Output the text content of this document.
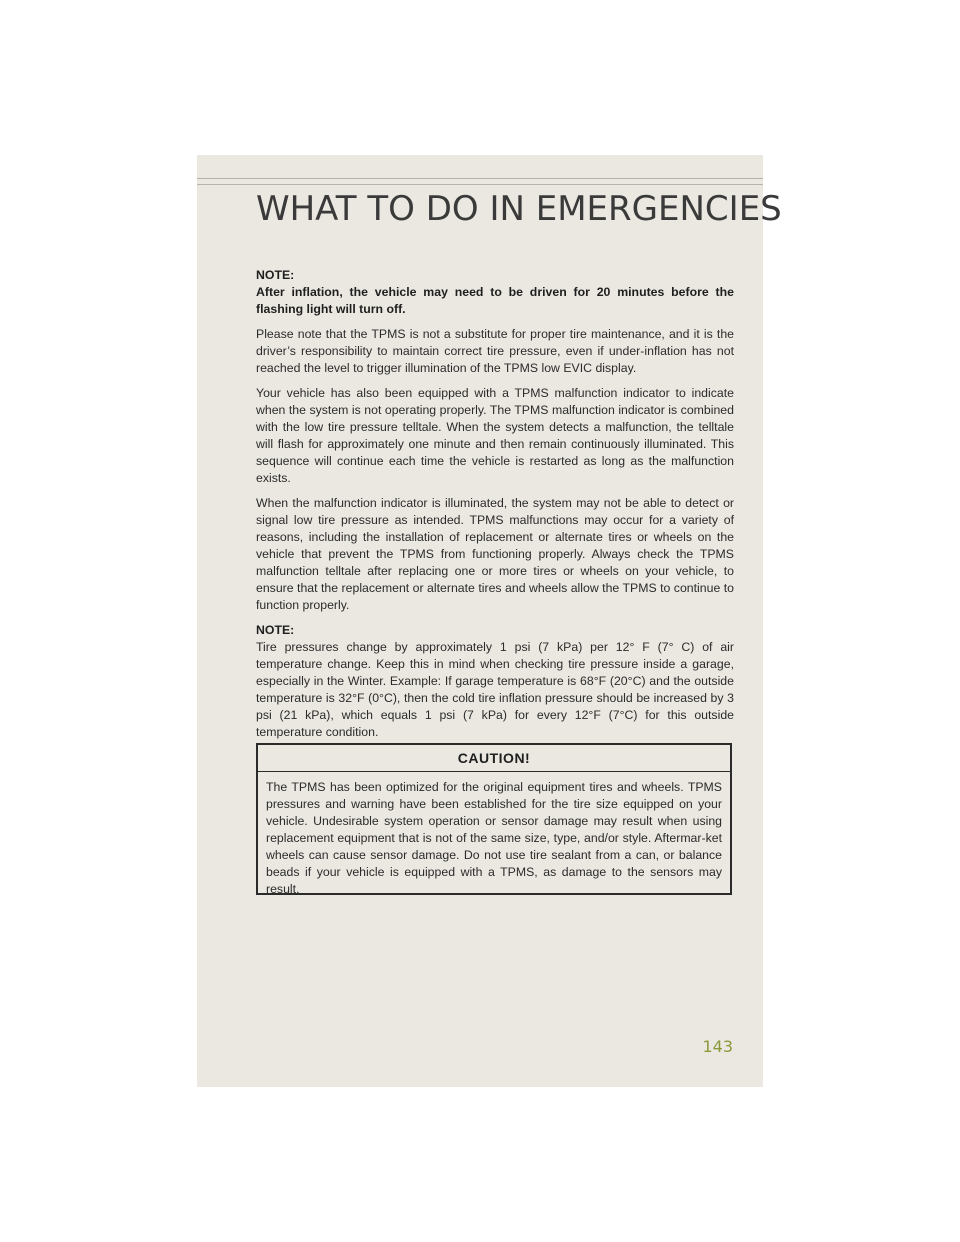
WHAT TO DO IN EMERGENCIES
NOTE:

After inflation, the vehicle may need to be driven for 20 minutes before the flashing light will turn off.

Please note that the TPMS is not a substitute for proper tire maintenance, and it is the driver’s responsibility to maintain correct tire pressure, even if under-inflation has not reached the level to trigger illumination of the TPMS low EVIC display.

Your vehicle has also been equipped with a TPMS malfunction indicator to indicate when the system is not operating properly. The TPMS malfunction indicator is combined with the low tire pressure telltale. When the system detects a malfunction, the telltale will flash for approximately one minute and then remain continuously illuminated. This sequence will continue each time the vehicle is restarted as long as the malfunction exists.

When the malfunction indicator is illuminated, the system may not be able to detect or signal low tire pressure as intended. TPMS malfunctions may occur for a variety of reasons, including the installation of replacement or alternate tires or wheels on the vehicle that prevent the TPMS from functioning properly. Always check the TPMS malfunction telltale after replacing one or more tires or wheels on your vehicle, to ensure that the replacement or alternate tires and wheels allow the TPMS to continue to function properly.

NOTE:

Tire pressures change by approximately 1 psi (7 kPa) per 12° F (7° C) of air temperature change. Keep this in mind when checking tire pressure inside a garage, especially in the Winter. Example: If garage temperature is 68°F (20°C) and the outside temperature is 32°F (0°C), then the cold tire inflation pressure should be increased by 3 psi (21 kPa), which equals 1 psi (7 kPa) for every 12°F (7°C) for this outside temperature condition.

CAUTION!

The TPMS has been optimized for the original equipment tires and wheels. TPMS pressures and warning have been established for the tire size equipped on your vehicle. Undesirable system operation or sensor damage may result when using replacement equipment that is not of the same size, type, and/or style. Aftermar-ket wheels can cause sensor damage. Do not use tire sealant from a can, or balance beads if your vehicle is equipped with a TPMS, as damage to the sensors may result.

143
